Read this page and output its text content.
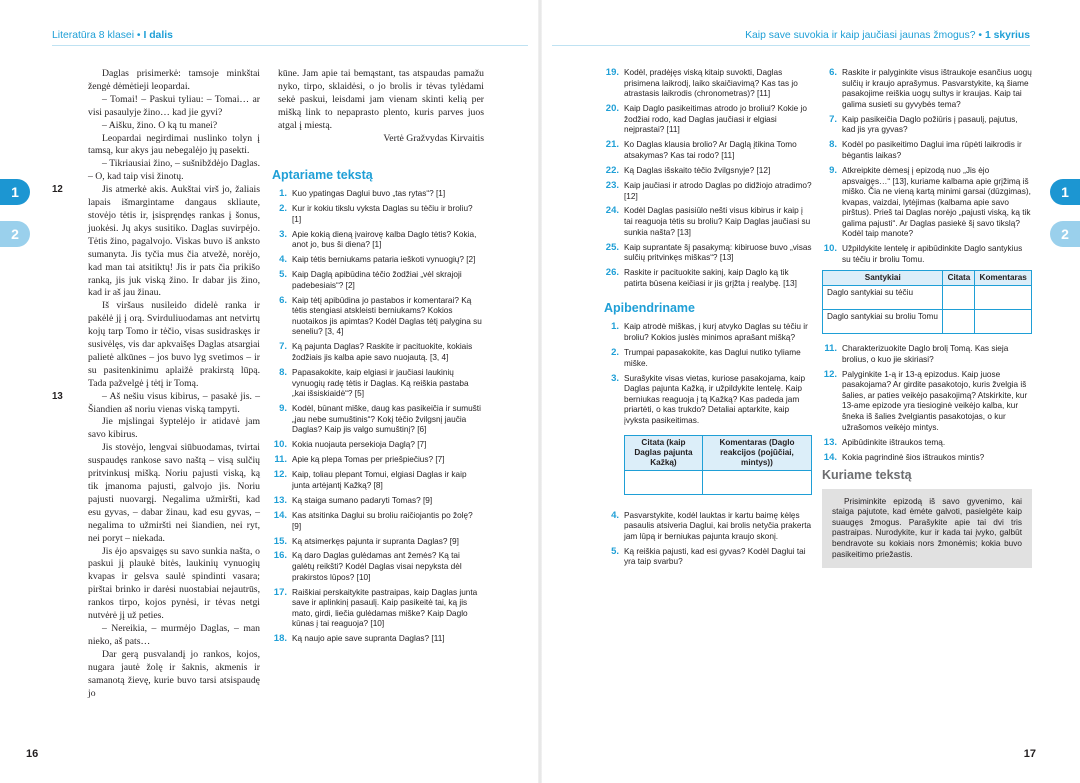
Literatūra 8 klasei • I dalis
1
2

Daglas prisimerkė: tamsoje minkštai žengė dėmėtieji leopardai.

– Tomai! – Paskui tyliau: – Tomai… ar visi pasaulyje žino… kad jie gyvi?

– Aišku, žino. O ką tu manei?

Leopardai negirdimai nuslinko tolyn į tamsą, kur akys jau nebegalėjo jų pasekti.

– Tikriausiai žino, – sušnibždėjo Daglas. – O, kad taip visi žinotų.

12	Jis atmerkė akis. Aukštai virš jo, žaliais lapais išmargintame dangaus skliaute, stovėjo tėtis ir, įsispręndęs rankas į šonus, juokėsi. Jų akys susitiko. Daglas suvirpėjo. Tėtis žino, pagalvojo. Viskas buvo iš anksto sumanyta. Jis tyčia mus čia atvežė, norėjo, kad man tai atsitiktų! Jis ir pats čia prikišo ranką, jis juk viską žino. Ir dabar jis žino, kad ir aš jau žinau.

Iš viršaus nusileido didelė ranka ir pakėlė jį į orą. Svirduliuodamas ant netvirtų kojų tarp Tomo ir tėčio, visas susidraskęs ir susivėlęs, vis dar apkvaišęs Daglas atsargiai palietė alkūnes – jos buvo lyg svetimos – ir su pasitenkinimu aplaižė prakirstą lūpą. Tada pažvelgė į tėtį ir Tomą.

13	– Aš nešiu visus kibirus, – pasakė jis. – Šiandien aš noriu vienas viską tampyti.

Jie mįslingai šyptelėjo ir atidavė jam savo kibirus.

Jis stovėjo, lengvai siūbuodamas, tvirtai suspaudęs rankose savo naštą – visą sulčių pritvinkusį mišką. Noriu pajusti viską, ką tik įmanoma pajusti, galvojo jis. Noriu pajusti nuovargį. Negalima užmiršti, kad esu gyvas, – dabar žinau, kad esu gyvas, – negalima to užmiršti nei šiandien, nei ryt, nei poryt – niekada.

Jis ėjo apsvaigęs su savo sunkia našta, o paskui jį plaukė bitės, laukinių vynuogių kvapas ir gelsva saulė spindinti vasara; pirštai brinko ir darėsi nuostabiai nejautrūs, rankos tirpo, kojos pynėsi, ir tėvas netgi nutvėrė jį už peties.

– Nereikia, – murmėjo Daglas, – man nieko, aš pats…

Dar gerą pusvalandį jo rankos, kojos, nugara jautė žolę ir šaknis, akmenis ir samanotą žievę, kurie buvo tarsi atsispaudę jo

kūne. Jam apie tai bemąstant, tas atspaudas pamažu nyko, tirpo, sklaidėsi, o jo brolis ir tėvas tylėdami sekė paskui, leisdami jam vienam skinti kelią per mišką link to nepaprasto plento, kuris parves juos atgal į miestą.

Vertė Gražvydas Kirvaitis

Aptariame tekstą
1. Kuo ypatingas Daglui buvo „tas rytas“? [1]
2. Kur ir kokiu tikslu vyksta Daglas su tėčiu ir broliu? [1]
3. Apie kokią dieną įvairovę kalba Daglo tėtis? Kokia, anot jo, bus ši diena? [1]
4. Kaip tėtis berniukams pataria ieškoti vynuogių? [2]
5. Kaip Daglą apibūdina tėčio žodžiai „vėl skrajoji padebesiais“? [2]
6. Kaip tėtį apibūdina jo pastabos ir komentarai? Ką tėtis stengiasi atskleisti berniukams? Kokios nuotaikos jis apimtas? Kodėl Daglas tėtį palygina su seneliu? [3, 4]
7. Ką pajunta Daglas? Raskite ir pacituokite, kokiais žodžiais jis kalba apie savo nuojautą. [3, 4]
8. Papasakokite, kaip elgiasi ir jaučiasi laukinių vynuogių radę tėtis ir Daglas. Ką reiškia pastaba „kai išsiskiaidė“? [5]
9. Kodėl, būnant miške, daug kas pasikeičia ir sumušti „jau nebe sumuštinis“? Kokį tėčio žvilgsnį jaučia Daglas? Kaip jis valgo sumuštinį? [6]
10. Kokia nuojauta persekioja Daglą? [7]
11. Apie ką plepa Tomas per priešpiečius? [7]
12. Kaip, toliau plepant Tomui, elgiasi Daglas ir kaip junta artėjantį Kažką? [8]
13. Ką staiga sumano padaryti Tomas? [9]
14. Kas atsitinka Daglui su broliu raičiojantis po žolę? [9]
15. Ką atsimerkęs pajunta ir supranta Daglas? [9]
16. Ką daro Daglas gulėdamas ant žemės? Ką tai galėtų reikšti? Kodėl Daglas visai nepyksta dėl prakirstos lūpos? [10]
17. Raiškiai perskaitykite pastraipas, kaip Daglas junta save ir aplinkinį pasaulį. Kaip pasikeitė tai, ką jis mato, girdi, liečia gulėdamas miške? Kaip Daglo kūnas į tai reaguoja? [10]
18. Ką naujo apie save supranta Daglas? [11]
16
Kaip save suvokia ir kaip jaučiasi jaunas žmogus? • 1 skyrius
1
2
17
19. Kodėl, pradėjęs viską kitaip suvokti, Daglas prisimena laikrodį, laiko skaičiavimą? Kas tas jo atrastasis laikrodis (chronometras)? [11]
20. Kaip Daglo pasikeitimas atrodo jo broliui? Kokie jo žodžiai rodo, kad Daglas jaučiasi ir elgiasi nejprastai? [11]
21. Ko Daglas klausia brolio? Ar Daglą įtikina Tomo atsakymas? Kas tai rodo? [11]
22. Ką Daglas išskaito tėčio žvilgsnyje? [12]
23. Kaip jaučiasi ir atrodo Daglas po didžiojo atradimo? [12]
24. Kodėl Daglas pasisiūlo nešti visus kibirus ir kaip į tai reaguoja tėtis su broliu? Kaip Daglas jaučiasi su sunkia našta? [13]
25. Kaip suprantate šį pasakymą: kibiruose buvo „visas sulčių pritvinkęs miškas“? [13]
26. Raskite ir pacituokite sakinį, kaip Daglo ką tik patirta būsena keičiasi ir jis grįžta į realybę. [13]
Apibendriname
1. Kaip atrodė miškas, į kurį atvyko Daglas su tėčiu ir broliu? Kokios juslės minimos aprašant mišką?
2. Trumpai papasakokite, kas Daglui nutiko tyliame miške.
3. Surašykite visas vietas, kuriose pasakojama, kaip Daglas pajunta Kažką, ir užpildykite lentelę. Kaip berniukas reaguoja į tą Kažką? Kas padeda jam priartėti, o kas trukdo? Detaliai aptarkite, kaip įvyksta pasikeitimas.
Citata (kaip Daglas pajunta Kažką)	Komentaras (Daglo reakcijos (pojūčiai, mintys))

4. Pasvarstykite, kodėl lauktas ir kartu baimę kėlęs pasaulis atsiveria Daglui, kai brolis netyčia prakerta jam lūpą ir berniukas pajunta kraujo skonį.
5. Ką reiškia pajusti, kad esi gyvas? Kodėl Daglui tai yra taip svarbu?
6. Raskite ir palyginkite visus ištraukoje esančius uogų sulčių ir kraujo aprašymus. Pasvarstykite, ką šiame pasakojime reiškia uogų sultys ir kraujas. Kaip tai galima susieti su gyvybės tema?
7. Kaip pasikeičia Daglo požiūris į pasaulį, pajutus, kad jis yra gyvas?
8. Kodėl po pasikeitimo Daglui ima rūpėti laikrodis ir bėgantis laikas?
9. Atkreipkite dėmesį į epizodą nuo „Jis ėjo apsvaigęs…“ [13], kuriame kalbama apie grįžimą iš miško. Čia ne vieną kartą minimi garsai (dūzgimas), kvapas, vaizdai, lytėjimas (kalbama apie savo pirštus). Prieš tai Daglas norėjo „pajusti viską, ką tik galima pajusti“. Ar Daglas pasiekė šį savo tikslą? Kodėl taip manote?
10. Užpildykite lentelę ir apibūdinkite Daglo santykius su tėčiu ir broliu Tomu.
Santykiai	Citata	Komentaras
Daglo santykiai su tėčiu		
Daglo santykiai su broliu Tomu		
11. Charakterizuokite Daglo brolį Tomą. Kas sieja brolius, o kuo jie skiriasi?
12. Palyginkite 1-ą ir 13-ą epizodus. Kaip juose pasakojama? Ar girdite pasakotojo, kuris žvelgia iš šalies, ar paties veikėjo pasakojimą? Atskirkite, kur 13-ame epizode yra tiesioginė veikėjo kalba, kur šneka iš šalies žvelgiantis pasakotojas, o kur užrašomos veikėjo mintys.
13. Apibūdinkite ištraukos temą.
14. Kokia pagrindinė šios ištraukos mintis?
Kuriame tekstą

Prisiminkite epizodą iš savo gyvenimo, kai staiga pajutote, kad ėmėte galvoti, pasielgėte kaip suaugęs žmogus. Parašykite apie tai dvi tris pastraipas. Nurodykite, kur ir kada tai įvyko, galbūt bendravote su kokiais nors žmonėmis; kokia buvo pasikeitimo priežastis.
